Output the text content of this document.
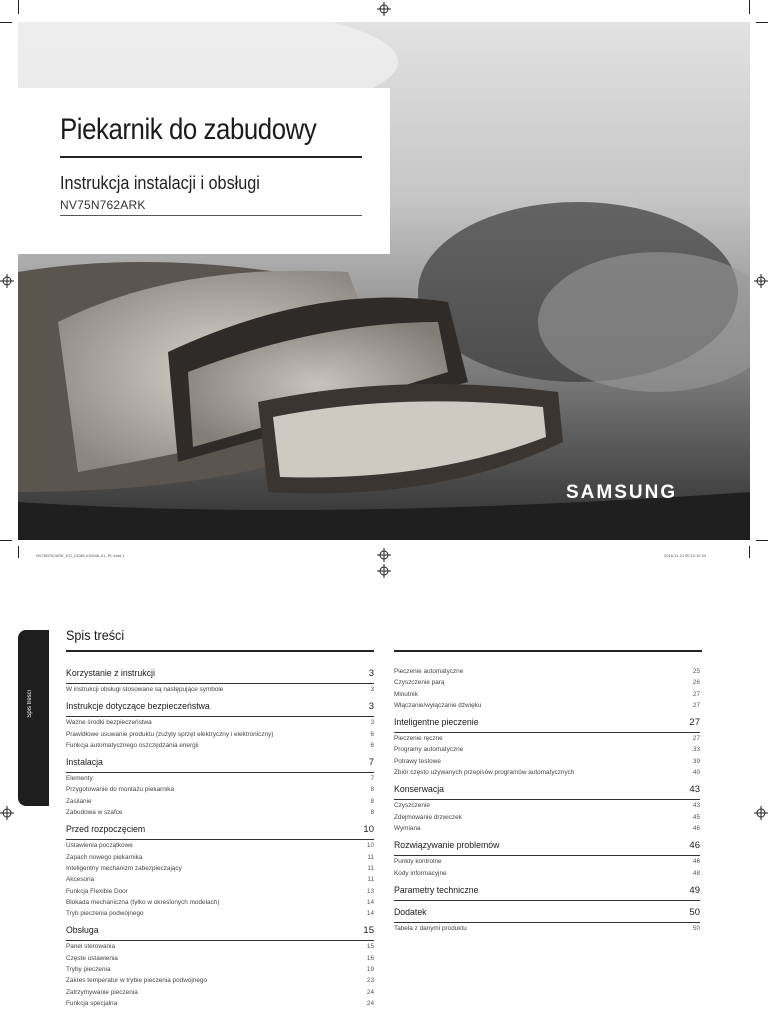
Piekarnik do zabudowy
Instrukcja instalacji i obsługi
NV75N762ARK
SAMSUNG
NV75N762ARK_EO_DG68-01094A-01_PL.indd 1	2018-11-21 ￼ 10:10:33
Spis treści
Spis treści
Korzystanie z instrukcji	3
W instrukcji obsługi stosowane są następujące symbole	3
Instrukcje dotyczące bezpieczeństwa	3
Ważne środki bezpieczeństwa	3
Prawidłowe usuwanie produktu (zużyty sprzęt elektryczny i elektroniczny)	6
Funkcja automatycznego oszczędzania energii	6
Instalacja	7
Elementy	7
Przygotowanie do montażu piekarnika	8
Zasilanie	8
Zabudowa w szafce	8
Przed rozpoczęciem	10
Ustawienia początkowe	10
Zapach nowego piekarnika	11
Inteligentny mechanizm zabezpieczający	11
Akcesoria	11
Funkcja Flexible Door	13
Blokada mechaniczna (tylko w określonych modelach)	14
Tryb pieczenia podwójnego	14
Obsługa	15
Panel sterowania	15
Częste ustawienia	16
Tryby pieczenia	19
Zakres temperatur w trybie pieczenia podwójnego	23
Zatrzymywanie pieczenia	24
Funkcja specjalna	24
Pieczenie automatyczne	25
Czyszczenie parą	26
Minutnik	27
Włączanie/wyłączanie dźwięku	27
Inteligentne pieczenie	27
Pieczenie ręczne	27
Programy automatyczne	33
Potrawy testowe	39
Zbiór często używanych przepisów programów automatycznych	40
Konserwacja	43
Czyszczenie	43
Zdejmowanie drzwiczek	45
Wymiana	46
Rozwiązywanie problemów	46
Punkty kontrolne	46
Kody informacyjne	48
Parametry techniczne	49
Dodatek	50
Tabela z danymi produktu	50
